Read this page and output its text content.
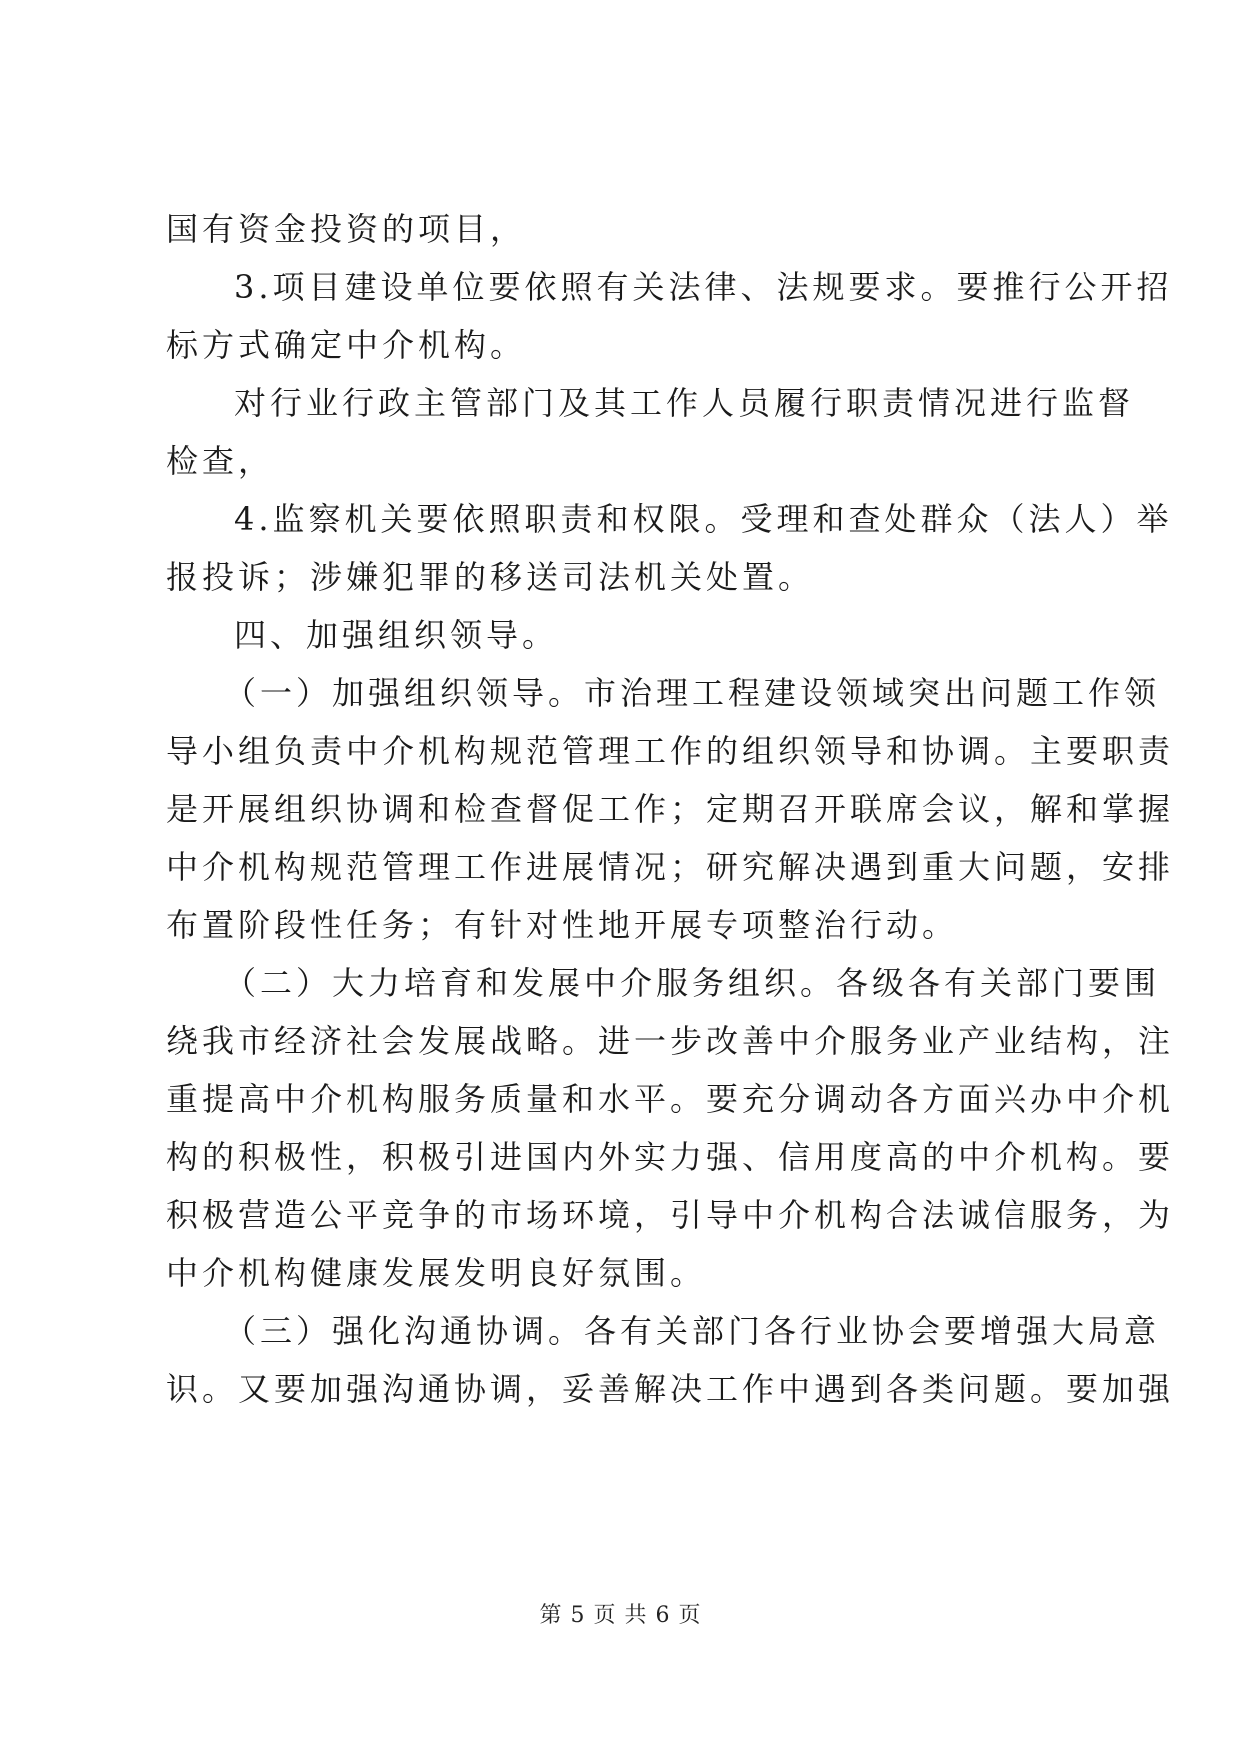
国有资金投资的项目，
3.项目建设单位要依照有关法律、法规要求。要推行公开招
标方式确定中介机构。
对行业行政主管部门及其工作人员履行职责情况进行监督
检查，
4.监察机关要依照职责和权限。受理和查处群众（法人）举
报投诉；涉嫌犯罪的移送司法机关处置。
四、加强组织领导。
（一）加强组织领导。市治理工程建设领域突出问题工作领
导小组负责中介机构规范管理工作的组织领导和协调。主要职责
是开展组织协调和检查督促工作；定期召开联席会议，解和掌握
中介机构规范管理工作进展情况；研究解决遇到重大问题，安排
布置阶段性任务；有针对性地开展专项整治行动。
（二）大力培育和发展中介服务组织。各级各有关部门要围
绕我市经济社会发展战略。进一步改善中介服务业产业结构，注
重提高中介机构服务质量和水平。要充分调动各方面兴办中介机
构的积极性，积极引进国内外实力强、信用度高的中介机构。要
积极营造公平竞争的市场环境，引导中介机构合法诚信服务，为
中介机构健康发展发明良好氛围。
（三）强化沟通协调。各有关部门各行业协会要增强大局意
识。又要加强沟通协调，妥善解决工作中遇到各类问题。要加强
第 5 页 共 6 页
